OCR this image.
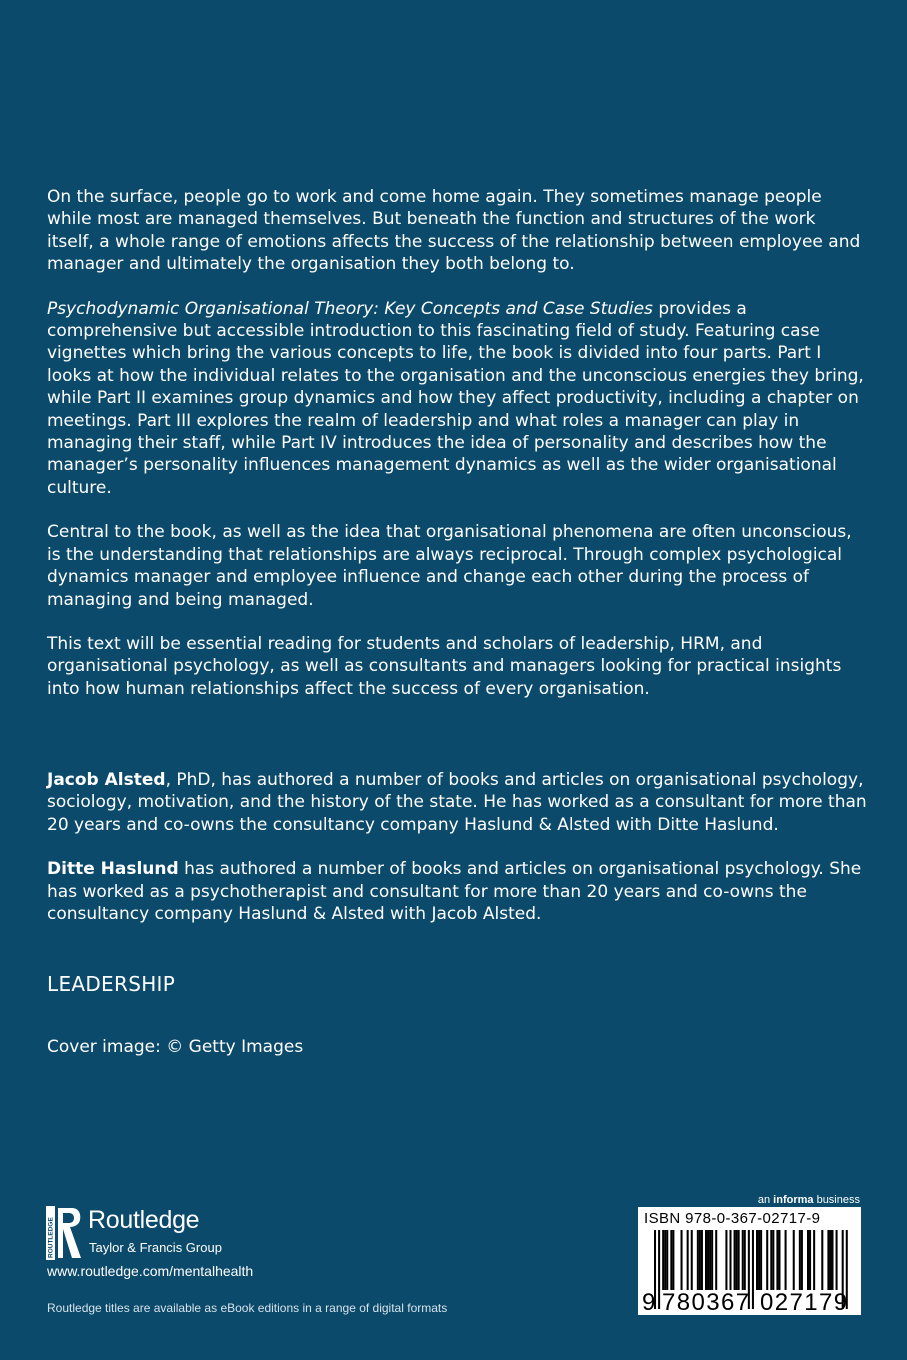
On the surface, people go to work and come home again. They sometimes manage people while most are managed themselves. But beneath the function and structures of the work itself, a whole range of emotions affects the success of the relationship between employee and manager and ultimately the organisation they both belong to.

Psychodynamic Organisational Theory: Key Concepts and Case Studies provides a comprehensive but accessible introduction to this fascinating field of study. Featuring case vignettes which bring the various concepts to life, the book is divided into four parts. Part I looks at how the individual relates to the organisation and the unconscious energies they bring, while Part II examines group dynamics and how they affect productivity, including a chapter on meetings. Part III explores the realm of leadership and what roles a manager can play in managing their staff, while Part IV introduces the idea of personality and describes how the manager’s personality influences management dynamics as well as the wider organisational culture.

Central to the book, as well as the idea that organisational phenomena are often unconscious, is the understanding that relationships are always reciprocal. Through complex psychological dynamics manager and employee influence and change each other during the process of managing and being managed.

This text will be essential reading for students and scholars of leadership, HRM, and organisational psychology, as well as consultants and managers looking for practical insights into how human relationships affect the success of every organisation.

Jacob Alsted, PhD, has authored a number of books and articles on organisational psychology, sociology, motivation, and the history of the state. He has worked as a consultant for more than 20 years and co-owns the consultancy company Haslund & Alsted with Ditte Haslund.

Ditte Haslund has authored a number of books and articles on organisational psychology. She has worked as a psychotherapist and consultant for more than 20 years and co-owns the consultancy company Haslund & Alsted with Jacob Alsted.

LEADERSHIP
Cover image: © Getty Images
ROUTLEDGE Routledge
Taylor & Francis Group
www.routledge.com/mentalhealth
Routledge titles are available as eBook editions in a range of digital formats
an informa business
ISBN 978-0-367-02717-9
9 780367 027179
